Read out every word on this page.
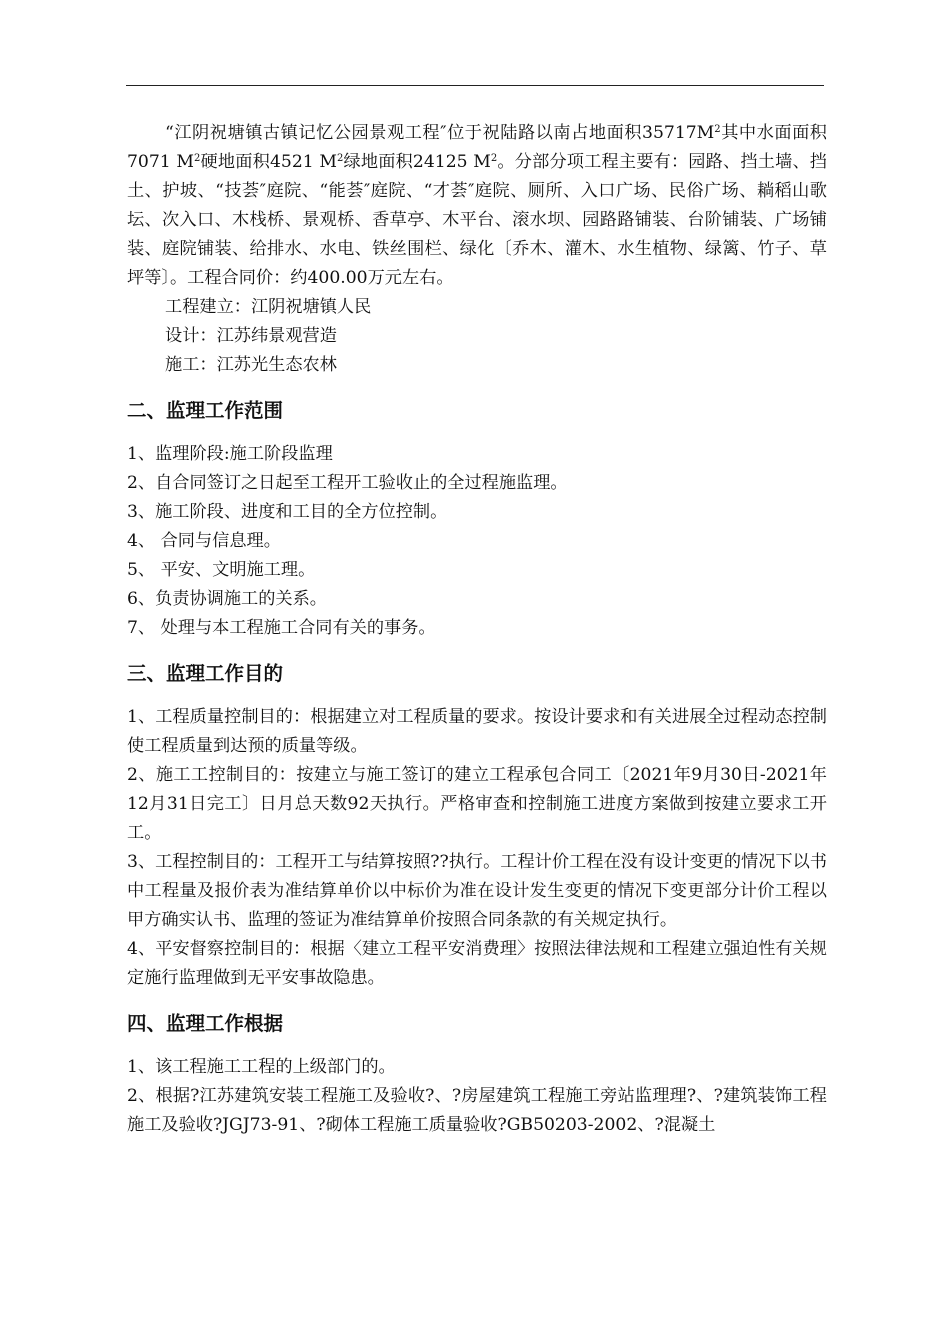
“江阴祝塘镇古镇记忆公园景观工程″位于祝陆路以南占地面积$35717M^2$其中水面面积7071 $M^2$硬地面积4521 $M^2$绿地面积24125 $M^2$。分部分项工程主要有：园路、挡土墙、挡土、护坡、“技荟″庭院、“能荟″庭院、“才荟″庭院、厕所、入口广场、民俗广场、耥稻山歌坛、次入口、木栈桥、景观桥、香草亭、木平台、滚水坝、园路路铺装、台阶铺装、广场铺装、庭院铺装、给排水、水电、铁丝围栏、绿化〔乔木、灌木、水生植物、绿篱、竹子、草坪等〕。工程合同价：约400.00万元左右。

工程建立：江阴祝塘镇人民

设计：江苏纬景观营造

施工：江苏光生态农林

二、监理工作范围

1、监理阶段:施工阶段监理

2、自合同签订之日起至工程开工验收止的全过程施监理。

3、施工阶段、进度和工目的全方位控制。

4、 合同与信息理。

5、 平安、文明施工理。

6、负责协调施工的关系。

7、 处理与本工程施工合同有关的事务。

三、监理工作目的

1、工程质量控制目的：根据建立对工程质量的要求。按设计要求和有关进展全过程动态控制使工程质量到达预的质量等级。

2、施工工控制目的：按建立与施工签订的建立工程承包合同工〔2021年9月30日-2021年12月31日完工〕日月总天数92天执行。严格审查和控制施工进度方案做到按建立要求工开工。

3、工程控制目的：工程开工与结算按照??执行。工程计价工程在没有设计变更的情况下以书中工程量及报价表为准结算单价以中标价为准在设计发生变更的情况下变更部分计价工程以甲方确实认书、监理的签证为准结算单价按照合同条款的有关规定执行。

4、平安督察控制目的：根据〈建立工程平安消费理〉按照法律法规和工程建立强迫性有关规定施行监理做到无平安事故隐患。

四、监理工作根据

1、该工程施工工程的上级部门的。

2、根据?江苏建筑安装工程施工及验收?、?房屋建筑工程施工旁站监理理?、?建筑装饰工程施工及验收?JGJ73-91、?砌体工程施工质量验收?GB50203-2002、?混凝土
